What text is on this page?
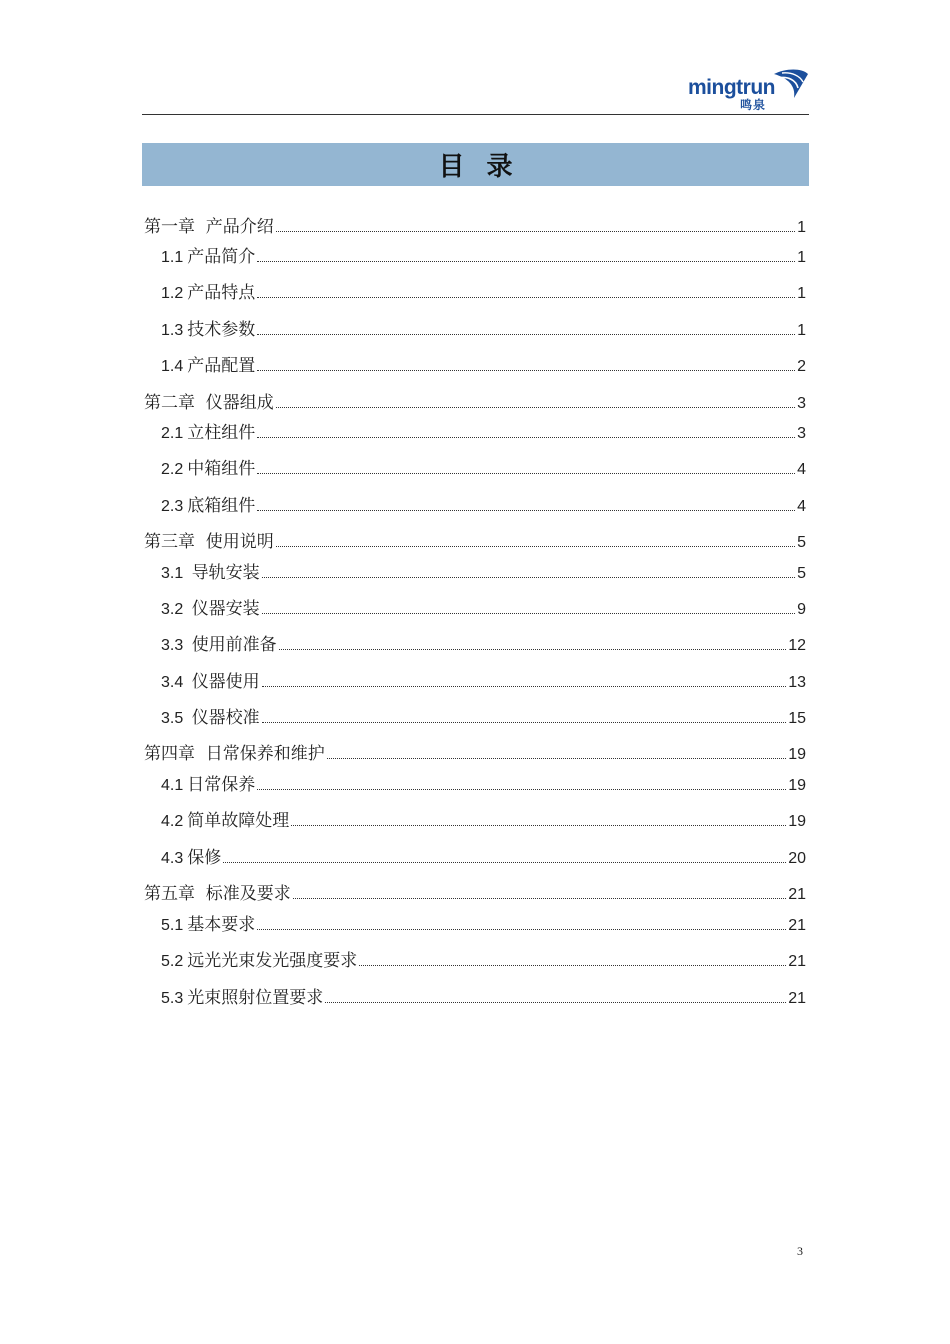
mingtrun
鸣泉
目录
第一章  产品介绍	1
1.1 产品简介	1
1.2 产品特点	1
1.3 技术参数	1
1.4 产品配置	2
第二章  仪器组成	3
2.1 立柱组件	3
2.2 中箱组件	4
2.3 底箱组件	4
第三章  使用说明	5
3.1 导轨安装	5
3.2 仪器安装	9
3.3 使用前准备	12
3.4 仪器使用	13
3.5 仪器校准	15
第四章  日常保养和维护	19
4.1 日常保养	19
4.2 简单故障处理	19
4.3 保修	20
第五章  标准及要求	21
5.1 基本要求	21
5.2 远光光束发光强度要求	21
5.3 光束照射位置要求	21
3
